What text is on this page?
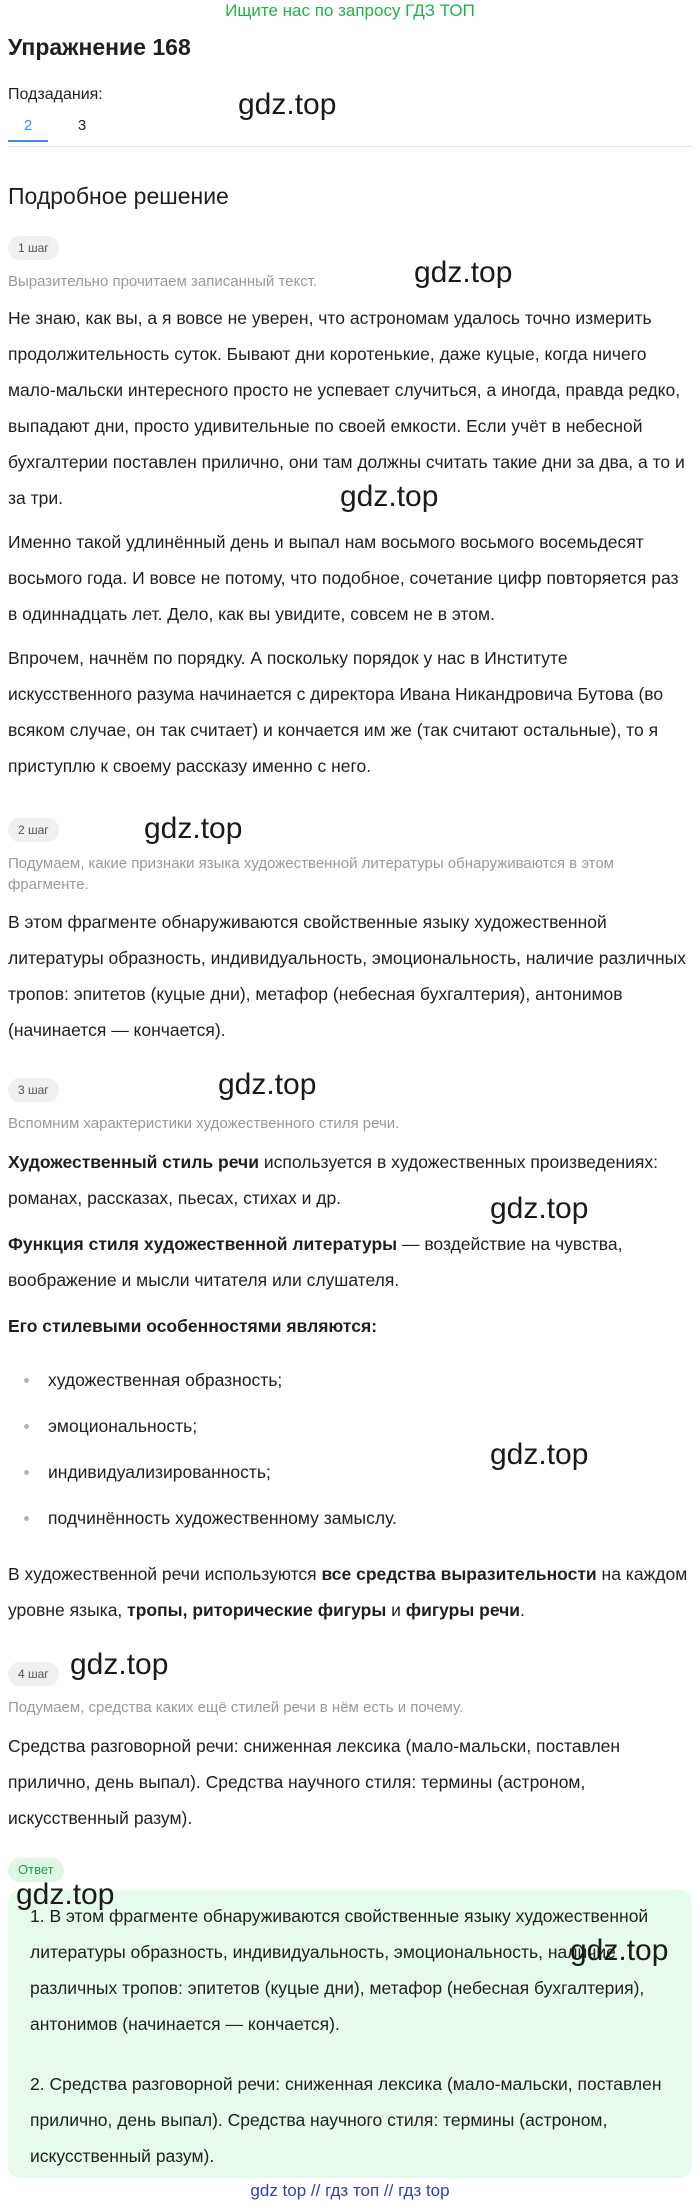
Ищите нас по запросу ГДЗ ТОП
Упражнение 168
Подзадания:
2	3
gdz.top
Подробное решение
1 шаг
Выразительно прочитаем записанный текст.	gdz.top
Не знаю, как вы, а я вовсе не уверен, что астрономам удалось точно измерить продолжительность суток. Бывают дни коротенькие, даже куцые, когда ничего мало-мальски интересного просто не успевает случиться, а иногда, правда редко, выпадают дни, просто удивительные по своей емкости. Если учёт в небесной бухгалтерии поставлен прилично, они там должны считать такие дни за два, а то и за три.	gdz.top
Именно такой удлинённый день и выпал нам восьмого восьмого восемьдесят восьмого года. И вовсе не потому, что подобное, сочетание цифр повторяется раз в одиннадцать лет. Дело, как вы увидите, совсем не в этом.
Впрочем, начнём по порядку. А поскольку порядок у нас в Институте искусственного разума начинается с директора Ивана Никандровича Бутова (во всяком случае, он так считает) и кончается им же (так считают остальные), то я приступлю к своему рассказу именно с него.
2 шаг	gdz.top
Подумаем, какие признаки языка художественной литературы обнаруживаются в этом фрагменте.
В этом фрагменте обнаруживаются свойственные языку художественной литературы образность, индивидуальность, эмоциональность, наличие различных тропов: эпитетов (куцые дни), метафор (небесная бухгалтерия), антонимов (начинается — кончается).
3 шаг	gdz.top
Вспомним характеристики художественного стиля речи.
Художественный стиль речи используется в художественных произведениях: романах, рассказах, пьесах, стихах и др.	gdz.top
Функция стиля художественной литературы — воздействие на чувства, воображение и мысли читателя или слушателя.
Его стилевыми особенностями являются:
художественная образность;
эмоциональность;
gdz.top
индивидуализированность;
подчинённость художественному замыслу.
В художественной речи используются все средства выразительности на каждом уровне языка, тропы, риторические фигуры и фигуры речи.
4 шаг gdz.top
Подумаем, средства каких ещё стилей речи в нём есть и почему.
Средства разговорной речи: сниженная лексика (мало-мальски, поставлен прилично, день выпал). Средства научного стиля: термины (астроном, искусственный разум).
Ответ
1. В этом фрагменте обнаруживаются свойственные языку художественной литературы образность, индивидуальность, эмоциональность, наличие различных тропов: эпитетов (куцые дни), метафор (небесная бухгалтерия), антонимов (начинается — кончается).
2. Средства разговорной речи: сниженная лексика (мало-мальски, поставлен прилично, день выпал). Средства научного стиля: термины (астроном, искусственный разум).
gdz.top
gdz.top
gdz top // гдз топ // гдз top
